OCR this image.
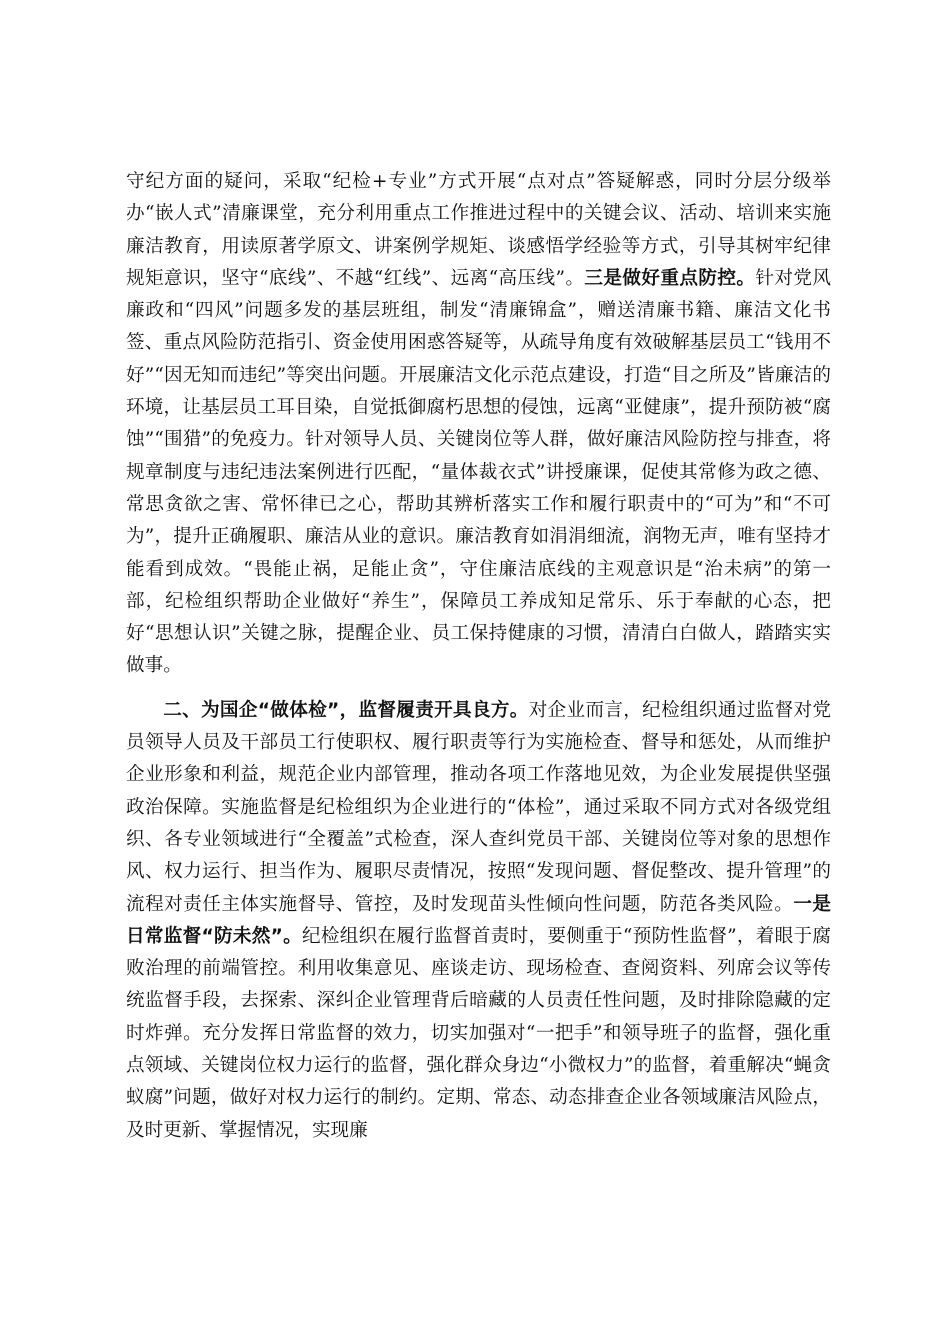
守纪方面的疑问，采取“纪检+专业”方式开展“点对点”答疑解惑，同时分层分级举办“嵌人式”清廉课堂，充分利用重点工作推进过程中的关键会议、活动、培训来实施廉洁教育，用读原著学原文、讲案例学规矩、谈感悟学经验等方式，引导其树牢纪律规矩意识，坚守“底线”、不越“红线”、远离“高压线”。三是做好重点防控。针对党风廉政和“四风”问题多发的基层班组，制发“清廉锦盒”，赠送清廉书籍、廉洁文化书签、重点风险防范指引、资金使用困惑答疑等，从疏导角度有效破解基层员工“钱用不好”“因无知而违纪”等突出问题。开展廉洁文化示范点建设，打造“目之所及”皆廉洁的环境，让基层员工耳目染，自觉抵御腐朽思想的侵蚀，远离“亚健康”，提升预防被“腐蚀”“围猎”的免疫力。针对领导人员、关键岗位等人群，做好廉洁风险防控与排查，将规章制度与违纪违法案例进行匹配，“量体裁衣式”讲授廉课，促使其常修为政之德、常思贪欲之害、常怀律已之心，帮助其辨析落实工作和履行职责中的“可为”和“不可为”，提升正确履职、廉洁从业的意识。廉洁教育如涓涓细流，润物无声，唯有坚持才能看到成效。“畏能止祸，足能止贪”，守住廉洁底线的主观意识是“治未病”的第一部，纪检组织帮助企业做好“养生”，保障员工养成知足常乐、乐于奉献的心态，把好“思想认识”关键之脉，提醒企业、员工保持健康的习惯，清清白白做人，踏踏实实做事。

二、为国企“做体检”，监督履责开具良方。对企业而言，纪检组织通过监督对党员领导人员及干部员工行使职权、履行职责等行为实施检查、督导和惩处，从而维护企业形象和利益，规范企业内部管理，推动各项工作落地见效，为企业发展提供坚强政治保障。实施监督是纪检组织为企业进行的“体检”，通过采取不同方式对各级党组织、各专业领域进行“全覆盖”式检查，深人查纠党员干部、关键岗位等对象的思想作风、权力运行、担当作为、履职尽责情况，按照“发现问题、督促整改、提升管理”的流程对责任主体实施督导、管控，及时发现苗头性倾向性问题，防范各类风险。一是日常监督“防未然”。纪检组织在履行监督首责时，要侧重于“预防性监督”，着眼于腐败治理的前端管控。利用收集意见、座谈走访、现场检查、查阅资料、列席会议等传统监督手段，去探索、深纠企业管理背后暗藏的人员责任性问题，及时排除隐藏的定时炸弹。充分发挥日常监督的效力，切实加强对“一把手”和领导班子的监督，强化重点领域、关键岗位权力运行的监督，强化群众身边“小微权力”的监督，着重解决“蝇贪蚁腐”问题，做好对权力运行的制约。定期、常态、动态排查企业各领域廉洁风险点，及时更新、掌握情况，实现廉
